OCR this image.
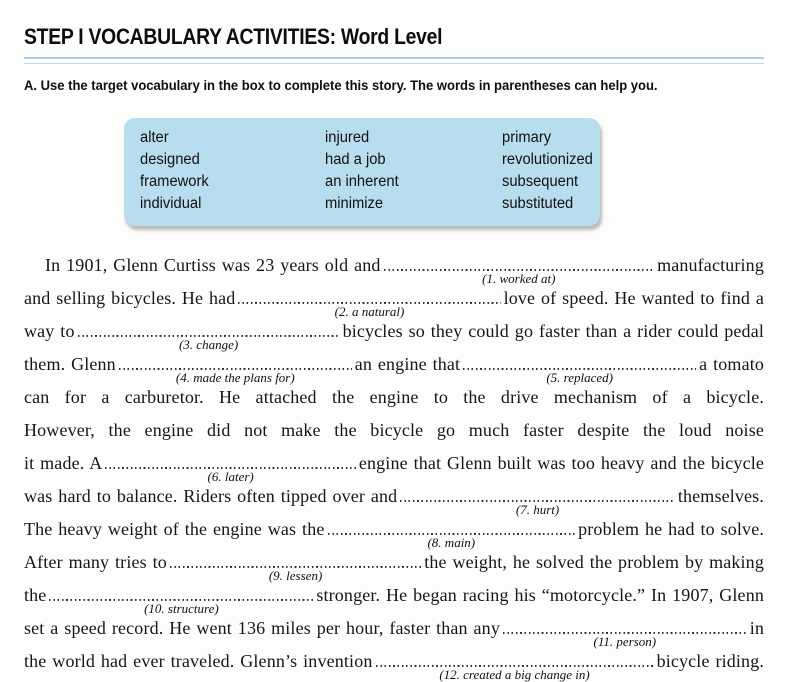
STEP I VOCABULARY ACTIVITIES: Word Level
A. Use the target vocabulary in the box to complete this story. The words in parentheses can help you.
alter
designed
framework
individual
injured
had a job
an inherent
minimize
primary
revolutionized
subsequent
substituted
In 1901, Glenn Curtiss was 23 years old and
(1. worked at)
manufacturing
and selling bicycles. He had
(2. a natural)
love of speed. He wanted to find a
way to
(3. change)
bicycles so they could go faster than a rider could pedal
them. Glenn
(4. made the plans for)
an engine that
(5. replaced)
a tomato
can for a carburetor. He attached the engine to the drive mechanism of a bicycle.
However, the engine did not make the bicycle go much faster despite the loud noise
it made. A
(6. later)
engine that Glenn built was too heavy and the bicycle
was hard to balance. Riders often tipped over and
(7. hurt)
themselves.
The heavy weight of the engine was the
(8. main)
problem he had to solve.
After many tries to
(9. lessen)
the weight, he solved the problem by making
the
(10. structure)
stronger. He began racing his “motorcycle.” In 1907, Glenn
set a speed record. He went 136 miles per hour, faster than any
(11. person)
in
the world had ever traveled. Glenn’s invention
(12. created a big change in)
bicycle riding.
